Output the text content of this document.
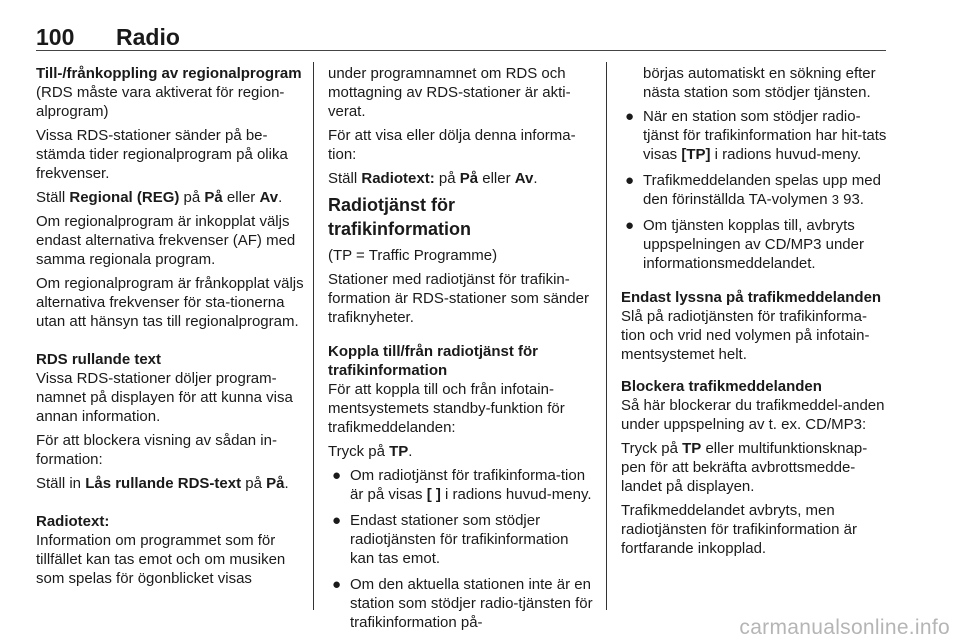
100 Radio
Till-/frånkoppling av regionalprogram

(RDS måste vara aktiverat för region-alprogram)

Vissa RDS-stationer sänder på be-stämda tider regionalprogram på olika frekvenser.

Ställ Regional (REG) på På eller Av.

Om regionalprogram är inkopplat väljs endast alternativa frekvenser (AF) med samma regionala program.

Om regionalprogram är frånkopplat väljs alternativa frekvenser för sta-tionerna utan att hänsyn tas till regionalprogram.

RDS rullande text

Vissa RDS-stationer döljer program-namnet på displayen för att kunna visa annan information.

För att blockera visning av sådan in-formation:

Ställ in Lås rullande RDS-text på På.

Radiotext:

Information om programmet som för tillfället kan tas emot och om musiken som spelas för ögonblicket visas

under programnamnet om RDS och mottagning av RDS-stationer är akti-verat.

För att visa eller dölja denna informa-tion:

Ställ Radiotext: på På eller Av.

Radiotjänst för trafikinformation

(TP = Traffic Programme)

Stationer med radiotjänst för trafikin-formation är RDS-stationer som sänder trafiknyheter.

Koppla till/från radiotjänst för trafikinformation

För att koppla till och från infotain-mentsystemets standby-funktion för trafikmeddelanden:

Tryck på TP.

● Om radiotjänst för trafikinforma-tion är på visas [ ] i radions huvud-meny.
● Endast stationer som stödjer radiotjänsten för trafikinformation kan tas emot.
● Om den aktuella stationen inte är en station som stödjer radio-tjänsten för trafikinformation på-

börjas automatiskt en sökning efter nästa station som stödjer tjänsten.

● När en station som stödjer radio-tjänst för trafikinformation har hit-tats visas [TP] i radions huvud-meny.
● Trafikmeddelanden spelas upp med den förinställda TA-volymen 3 93.
● Om tjänsten kopplas till, avbryts uppspelningen av CD/MP3 under informationsmeddelandet.
Endast lyssna på trafikmeddelanden

Slå på radiotjänsten för trafikinforma-tion och vrid ned volymen på infotain-mentsystemet helt.

Blockera trafikmeddelanden

Så här blockerar du trafikmeddel-anden under uppspelning av t. ex. CD/MP3:

Tryck på TP eller multifunktionsknap-pen för att bekräfta avbrottsmedde-landet på displayen.

Trafikmeddelandet avbryts, men radiotjänsten för trafikinformation är fortfarande inkopplad.

carmanualsonline.info
